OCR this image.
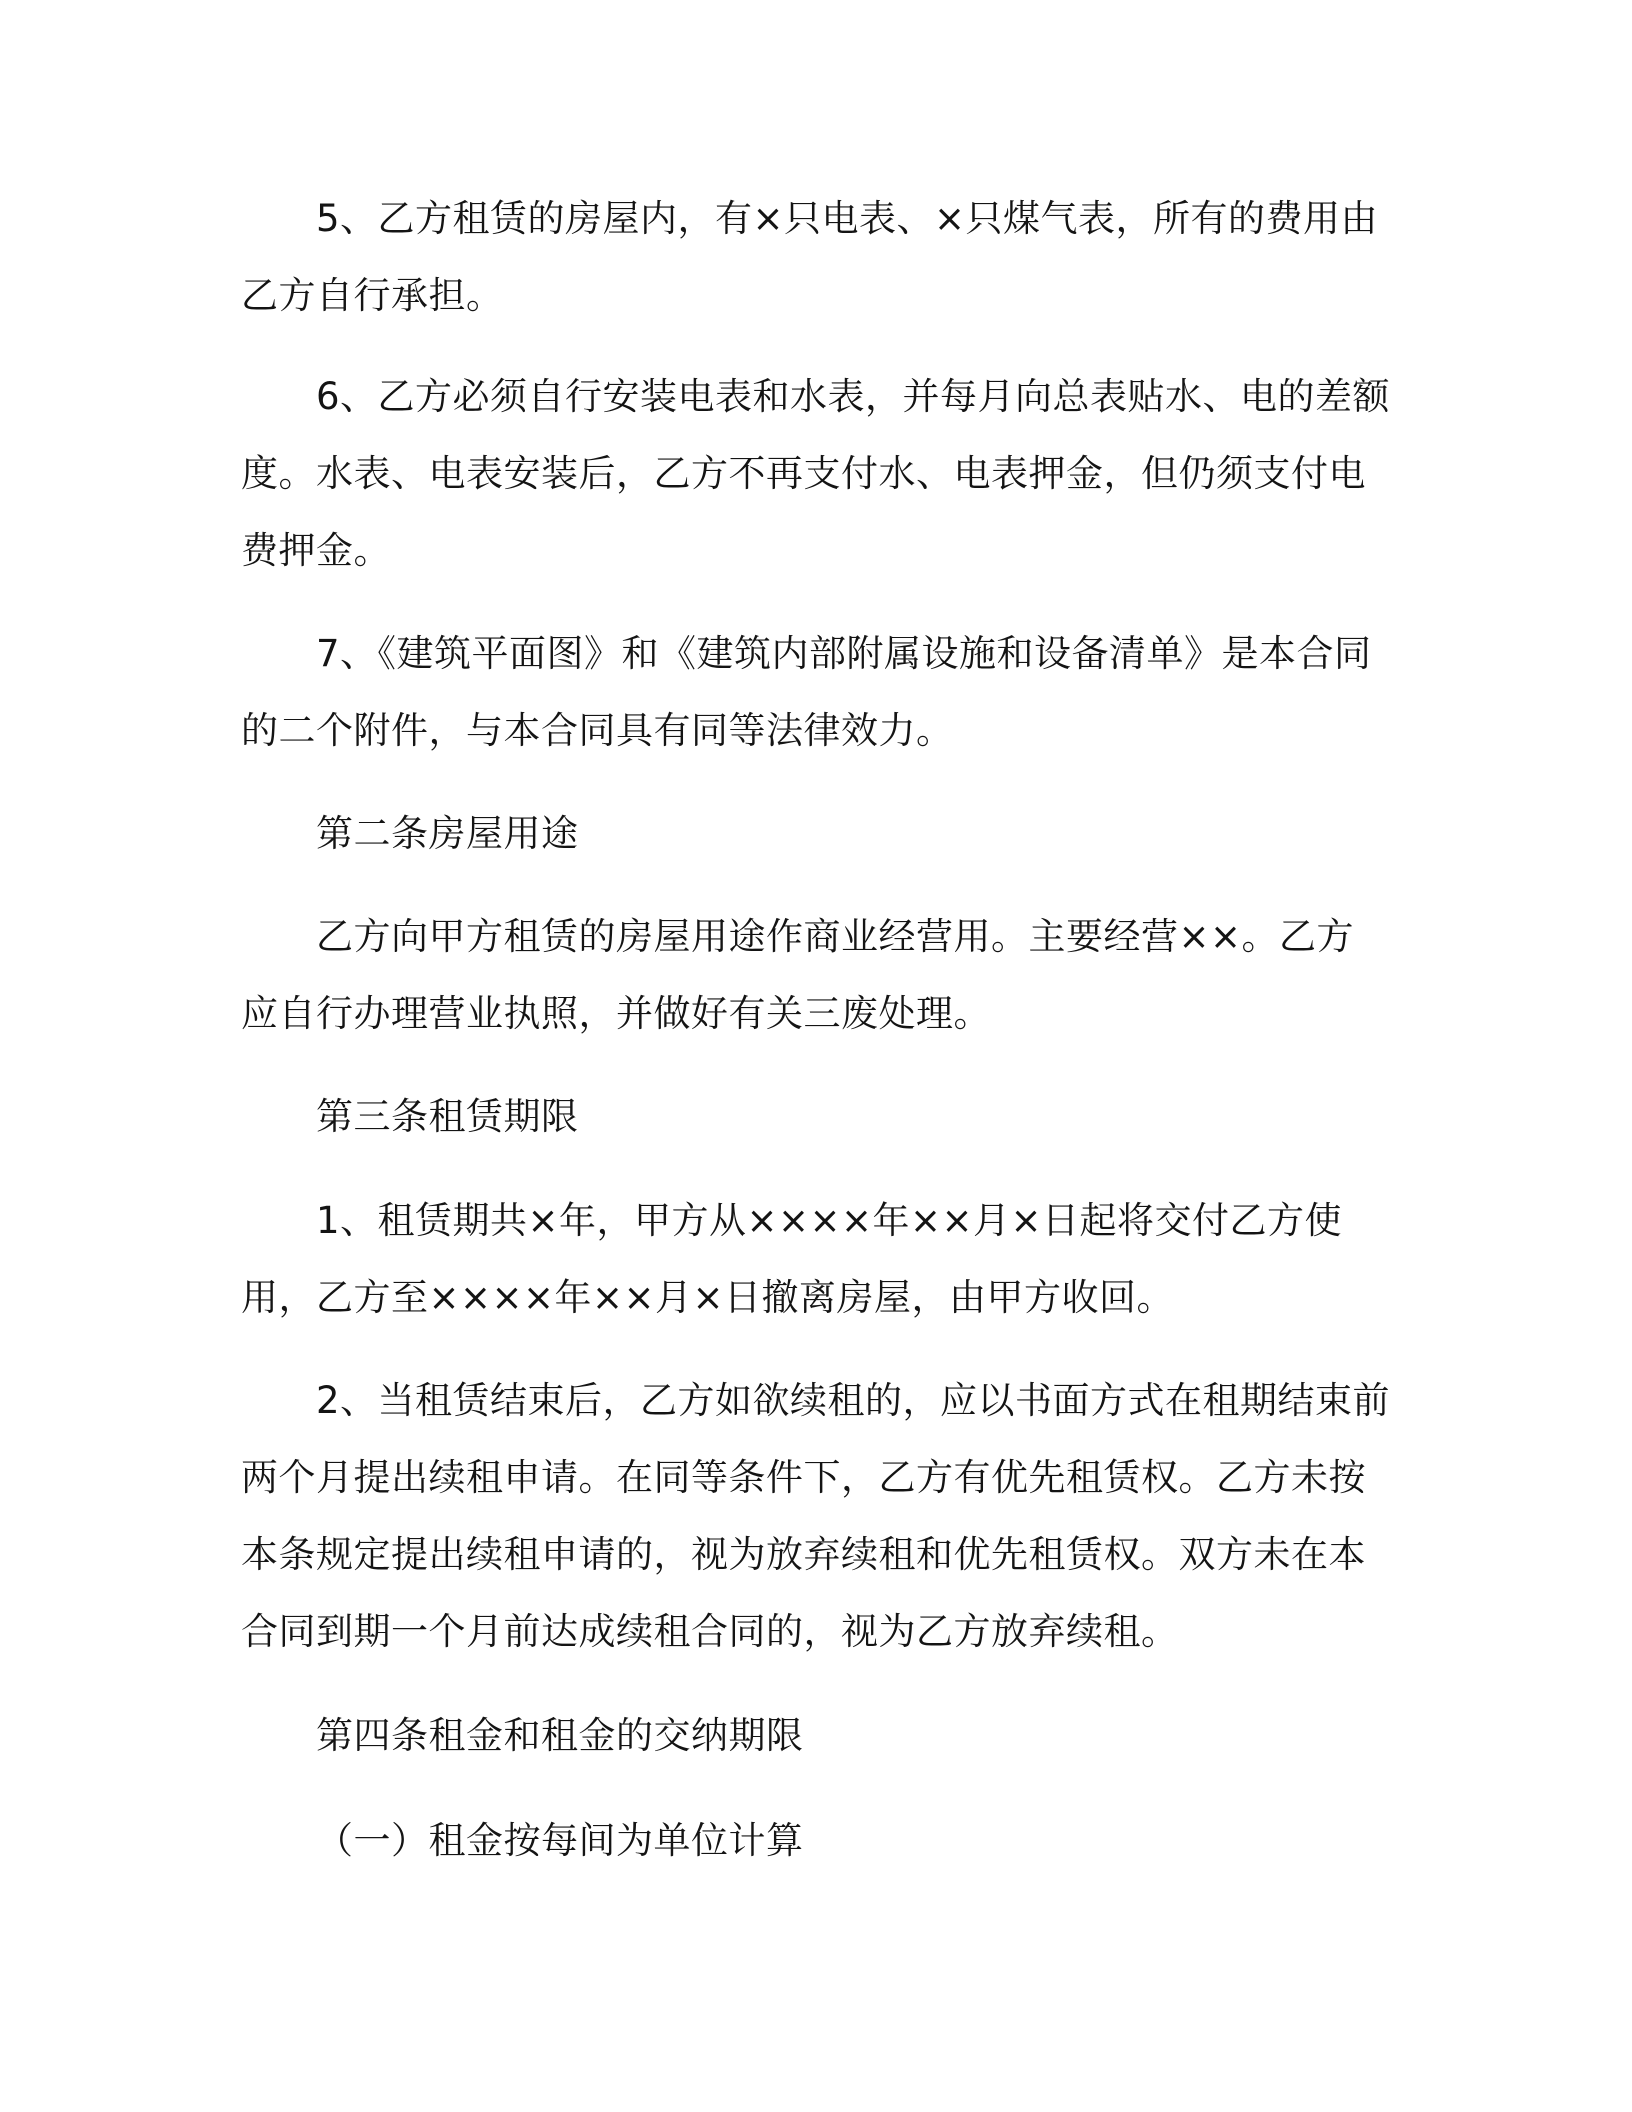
5、乙方租赁的房屋内，有×只电表、×只煤气表，所有的费用由乙方自行承担。

6、乙方必须自行安装电表和水表，并每月向总表贴水、电的差额度。水表、电表安装后，乙方不再支付水、电表押金，但仍须支付电费押金。

7、《建筑平面图》和《建筑内部附属设施和设备清单》是本合同的二个附件，与本合同具有同等法律效力。

第二条房屋用途

乙方向甲方租赁的房屋用途作商业经营用。主要经营××。乙方应自行办理营业执照，并做好有关三废处理。

第三条租赁期限

1、租赁期共×年，甲方从××××年××月×日起将交付乙方使用，乙方至××××年××月×日撤离房屋，由甲方收回。

2、当租赁结束后，乙方如欲续租的，应以书面方式在租期结束前两个月提出续租申请。在同等条件下，乙方有优先租赁权。乙方未按本条规定提出续租申请的，视为放弃续租和优先租赁权。双方未在本合同到期一个月前达成续租合同的，视为乙方放弃续租。

第四条租金和租金的交纳期限

（一）租金按每间为单位计算
